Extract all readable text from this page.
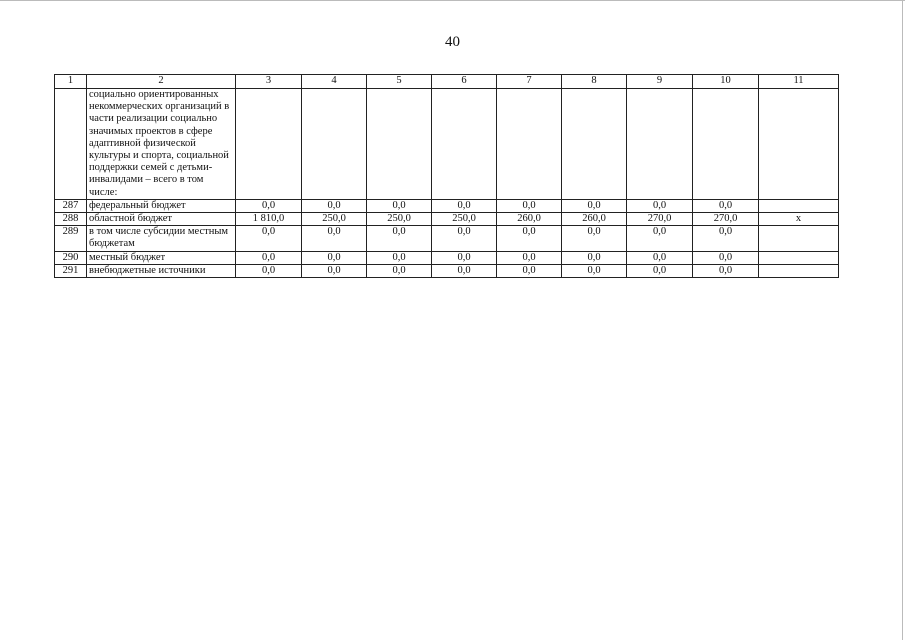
40
1	2	3	4	5	6	7	8	9	10	11
	социально ориентированных некоммерческих организаций в части реализации социально значимых проектов в сфере адаптивной физической культуры и спорта, социальной поддержки семей с детьми-инвалидами – всего в том числе:									
287	федеральный бюджет	0,0	0,0	0,0	0,0	0,0	0,0	0,0	0,0	
288	областной бюджет	1 810,0	250,0	250,0	250,0	260,0	260,0	270,0	270,0	х
289	в том числе субсидии местным бюджетам	0,0	0,0	0,0	0,0	0,0	0,0	0,0	0,0	
290	местный бюджет	0,0	0,0	0,0	0,0	0,0	0,0	0,0	0,0	
291	внебюджетные источники	0,0	0,0	0,0	0,0	0,0	0,0	0,0	0,0	
